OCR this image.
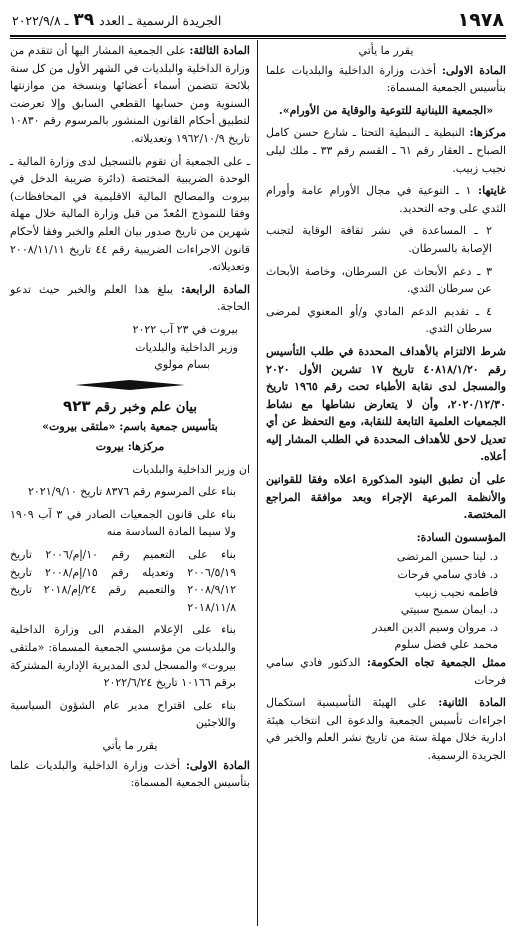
١٩٧٨
الجريدة الرسمية ـ العدد
٣٩
ـ ٢٠٢٢/٩/٨

يقرر ما يأتي

المادة الاولى: أخذت وزارة الداخلية والبلديات علما بتأسيس الجمعية المسماة:

«الجمعية اللبنانية للتوعية والوقاية من الأورام».

مركزها: النبطية ـ النبطية التحتا ـ شارع حسن كامل الصباح ـ العقار رقم ٦١ ـ القسم رقم ٣٣ ـ ملك ليلى نجيب زبيب.

غايتها: ١ ـ التوعية في مجال الأورام عامة وأورام الثدي على وجه التحديد.

٢ ـ المساعدة في نشر ثقافة الوقاية لتجنب الإصابة بالسرطان.

٣ ـ دعم الأبحاث عن السرطان، وخاصة الأبحاث عن سرطان الثدي.

٤ ـ تقديم الدعم المادي و/أو المعنوي لمرضى سرطان الثدي.

شرط الالتزام بالأهداف المحددة في طلب التأسيس رقم ٤٠٨١٨/١/٢٠ تاريخ ١٧ تشرين الأول ٢٠٢٠ والمسجل لدى نقابة الأطباء تحت رقم ١٩٦٥ تاريخ ٢٠٢٠/١٢/٣٠، وأن لا يتعارض نشاطها مع نشاط الجمعيات العلمية التابعة للنقابة، ومع التحفظ عن أي تعديل لاحق للأهداف المحددة في الطلب المشار إليه أعلاه.

على أن تطبق البنود المذكورة اعلاه وفقا للقوانين والأنظمة المرعية الإجراء وبعد موافقة المراجع المختصة.

المؤسسون السادة:

د. لينا حسين المرتضى

د. فادي سامي فرحات

فاطمه نجيب زبيب

د. ايمان سميح سبيتي

د. مروان وسيم الدين العبدر

محمد علي فضل سلوم

ممثل الجمعية تجاه الحكومة: الدكتور فادي سامي فرحات

المادة الثانية: على الهيئة التأسيسية استكمال اجراءات تأسيس الجمعية والدعوة الى انتخاب هيئة ادارية خلال مهلة ستة من تاريخ نشر العلم والخبر في الجريدة الرسمية.

المادة الثالثة: على الجمعية المشار اليها أن تتقدم من وزارة الداخلية والبلديات في الشهر الأول من كل سنة بلائحة تتضمن أسماء أعضائها وبنسخة من موازنتها السنوية ومن حسابها القطعي السابق وإلا تعرضت لتطبيق أحكام القانون المنشور بالمرسوم رقم ١٠٨٣٠ تاريخ ١٩٦٢/١٠/٩ وتعديلاته.

ـ على الجمعية أن تقوم بالتسجيل لدى وزارة المالية ـ الوحدة الضريبية المختصة (دائرة ضريبة الدخل في بيروت والمصالح المالية الاقليمية في المحافظات) وفقا للنموذج المُعدّ من قبل وزارة المالية خلال مهلة شهرين من تاريخ صدور بيان العلم والخبر وفقا لأحكام قانون الاجراءات الضريبية رقم ٤٤ تاريخ ٢٠٠٨/١١/١١ وتعديلاته.

المادة الرابعة: يبلغ هذا العلم والخبر حيث تدعو الحاجة.

بيروت في ٢٣ آب ٢٠٢٢

وزير الداخلية والبلديات

بسام مولوي

بيان علم وخبر رقم ٩٢٣

بتأسيس جمعية باسم: «ملتقى بيروت»

مركزها: بيروت

ان وزير الداخلية والبلديات

بناء على المرسوم رقم ٨٣٧٦ تاريخ ٢٠٢١/٩/١٠

بناء على قانون الجمعيات الصادر في ٣ آب ١٩٠٩ ولا سيما المادة السادسة منه

بناء على التعميم رقم ١٠/إم/٢٠٠٦ تاريخ ٢٠٠٦/٥/١٩ وتعديله رقم ١٥/إم/٢٠٠٨ تاريخ ٢٠٠٨/٩/١٢ والتعميم رقم ٢٤/إم/٢٠١٨ تاريخ ٢٠١٨/١١/٨

بناء على الإعلام المقدم الى وزارة الداخلية والبلديات من مؤسسي الجمعية المسماة: «ملتقى بيروت» والمسجل لدى المديرية الإدارية المشتركة برقم ١٠١٦٦ تاريخ ٢٠٢٢/٦/٢٤

بناء على اقتراح مدير عام الشؤون السياسية واللاجئين

يقرر ما يأتي

المادة الاولى: أخذت وزارة الداخلية والبلديات علما بتأسيس الجمعية المسماة:
